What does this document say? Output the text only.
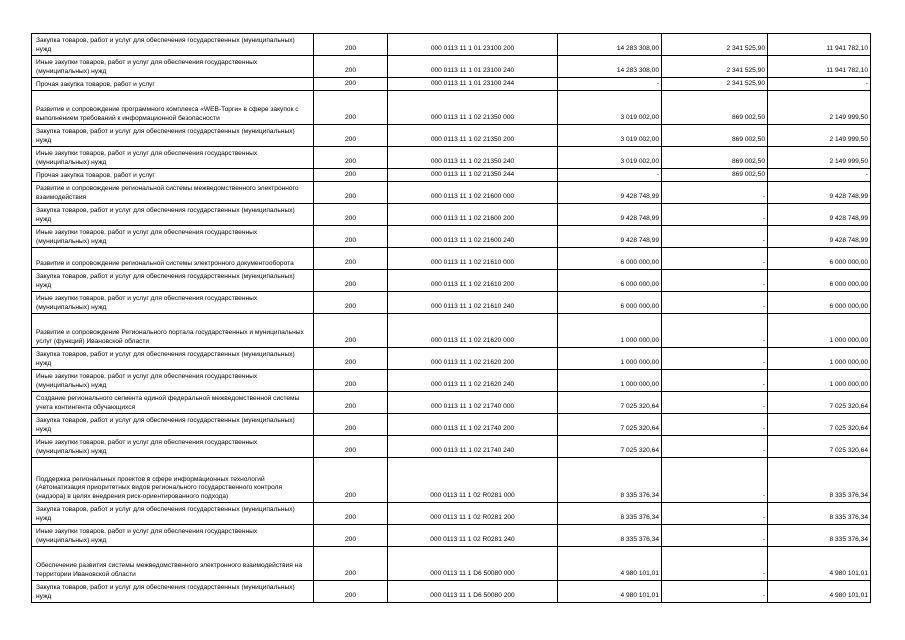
Закупка товаров, работ и услуг для обеспечения государственных (муниципальных) нужд	200	000 0113 11 1 01 23100 200	14 283 308,00	2 341 525,90	11 941 782,10
Иные закупки товаров, работ и услуг для обеспечения государственных (муниципальных) нужд	200	000 0113 11 1 01 23100 240	14 283 308,00	2 341 525,90	11 941 782,10
Прочая закупка товаров, работ и услуг	200	000 0113 11 1 01 23100 244	-	2 341 525,90	-
Развитие и сопровождение программного комплекса «WEB-Торги» в сфере закупок с выполнением требований к информационной безопасности	200	000 0113 11 1 02 21350 000	3 019 002,00	869 002,50	2 149 999,50
Закупка товаров, работ и услуг для обеспечения государственных (муниципальных) нужд	200	000 0113 11 1 02 21350 200	3 019 002,00	869 002,50	2 149 999,50
Иные закупки товаров, работ и услуг для обеспечения государственных (муниципальных) нужд	200	000 0113 11 1 02 21350 240	3 019 002,00	869 002,50	2 149 999,50
Прочая закупка товаров, работ и услуг	200	000 0113 11 1 02 21350 244	-	869 002,50	-
Развитие и сопровождение региональной системы межведомственного электронного взаимодействия	200	000 0113 11 1 02 21600 000	9 428 748,99	-	9 428 748,99
Закупка товаров, работ и услуг для обеспечения государственных (муниципальных) нужд	200	000 0113 11 1 02 21600 200	9 428 748,99	-	9 428 748,99
Иные закупки товаров, работ и услуг для обеспечения государственных (муниципальных) нужд	200	000 0113 11 1 02 21600 240	9 428 748,99	-	9 428 748,99
Развитие и сопровождение региональной системы электронного документооборота	200	000 0113 11 1 02 21610 000	6 000 000,00	-	6 000 000,00
Закупка товаров, работ и услуг для обеспечения государственных (муниципальных) нужд	200	000 0113 11 1 02 21610 200	6 000 000,00	-	6 000 000,00
Иные закупки товаров, работ и услуг для обеспечения государственных (муниципальных) нужд	200	000 0113 11 1 02 21610 240	6 000 000,00	-	6 000 000,00
Развитие и сопровождение Регионального портала государственных и муниципальных услуг (функций) Ивановской области	200	000 0113 11 1 02 21620 000	1 000 000,00	-	1 000 000,00
Закупка товаров, работ и услуг для обеспечения государственных (муниципальных) нужд	200	000 0113 11 1 02 21620 200	1 000 000,00	-	1 000 000,00
Иные закупки товаров, работ и услуг для обеспечения государственных (муниципальных) нужд	200	000 0113 11 1 02 21620 240	1 000 000,00	-	1 000 000,00
Создание регионального сегмента единой федеральной межведомственной системы учета контингента обучающихся	200	000 0113 11 1 02 21740 000	7 025 320,64	-	7 025 320,64
Закупка товаров, работ и услуг для обеспечения государственных (муниципальных) нужд	200	000 0113 11 1 02 21740 200	7 025 320,64	-	7 025 320,64
Иные закупки товаров, работ и услуг для обеспечения государственных (муниципальных) нужд	200	000 0113 11 1 02 21740 240	7 025 320,64	-	7 025 320,64
Поддержка региональных проектов в сфере информационных технологий (Автоматизация приоритетных видов регионального государственного контроля (надзора) в целях внедрения риск-ориентированного подхода)	200	000 0113 11 1 02 R0281 000	8 335 376,34	-	8 335 376,34
Закупка товаров, работ и услуг для обеспечения государственных (муниципальных) нужд	200	000 0113 11 1 02 R0281 200	8 335 376,34	-	8 335 376,34
Иные закупки товаров, работ и услуг для обеспечения государственных (муниципальных) нужд	200	000 0113 11 1 02 R0281 240	8 335 376,34	-	8 335 376,34
Обеспечение развития системы межведомственного электронного взаимодействия на территории Ивановской области	200	000 0113 11 1 D6 50080 000	4 980 101,01	-	4 980 101,01
Закупка товаров, работ и услуг для обеспечения государственных (муниципальных) нужд	200	000 0113 11 1 D6 50080 200	4 980 101,01	-	4 980 101,01
